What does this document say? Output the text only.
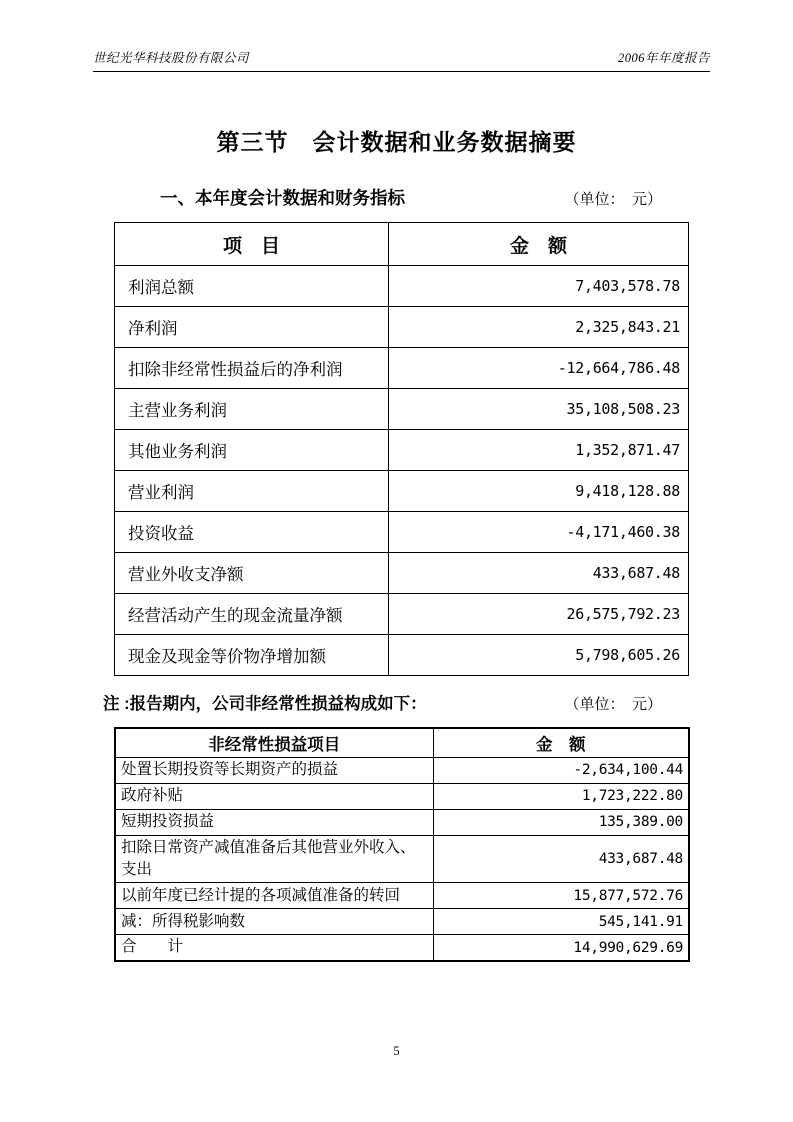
世纪光华科技股份有限公司	2006年年度报告
第三节　会计数据和业务数据摘要
一、本年度会计数据和财务指标	（单位：　元）
项　目	金　额
利润总额	7,403,578.78
净利润	2,325,843.21
扣除非经常性损益后的净利润	-12,664,786.48
主营业务利润	35,108,508.23
其他业务利润	1,352,871.47
营业利润	9,418,128.88
投资收益	-4,171,460.38
营业外收支净额	433,687.48
经营活动产生的现金流量净额	26,575,792.23
现金及现金等价物净增加额	5,798,605.26
注 :报告期内，公司非经常性损益构成如下：	（单位：　元）
非经常性损益项目	金　额
处置长期投资等长期资产的损益	-2,634,100.44
政府补贴	1,723,222.80
短期投资损益	135,389.00
扣除日常资产减值准备后其他营业外收入、支出	433,687.48
以前年度已经计提的各项减值准备的转回	15,877,572.76
减：所得税影响数	545,141.91
合　　计	14,990,629.69
5
